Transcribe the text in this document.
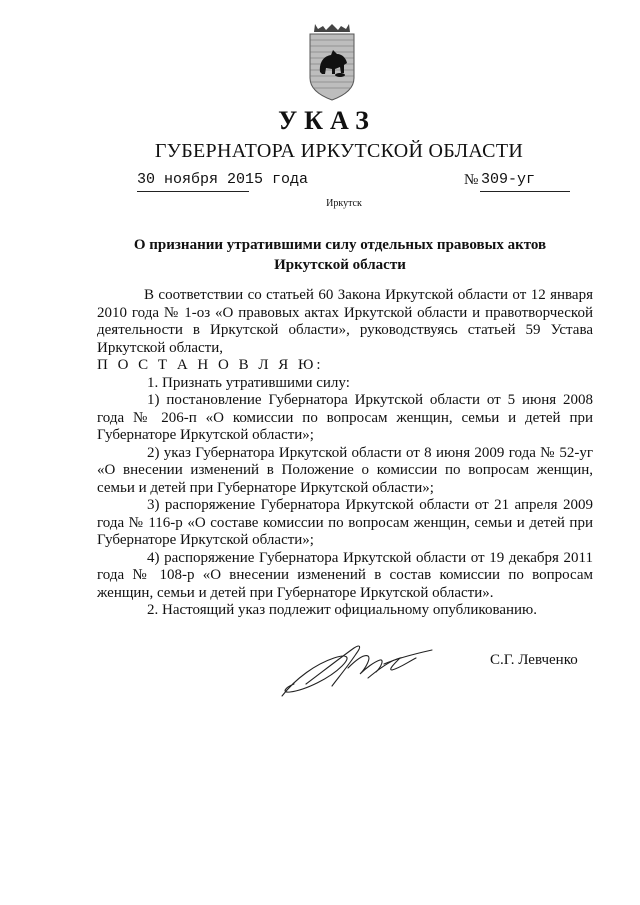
УКАЗ
ГУБЕРНАТОРА ИРКУТСКОЙ ОБЛАСТИ
30 ноября 2015 года	№ 309-уг
Иркутск
О признании утратившими силу отдельных правовых актов Иркутской области

В соответствии со статьей 60 Закона Иркутской области от 12 января 2010 года № 1-оз «О правовых актах Иркутской области и правотворческой деятельности в Иркутской области», руководствуясь статьей 59 Устава Иркутской области,

П О С Т А Н О В Л Я Ю:

1. Признать утратившими силу:

1) постановление Губернатора Иркутской области от 5 июня 2008 года № 206-п «О комиссии по вопросам женщин, семьи и детей при Губернаторе Иркутской области»;

2) указ Губернатора Иркутской области от 8 июня 2009 года № 52-уг «О внесении изменений в Положение о комиссии по вопросам женщин, семьи и детей при Губернаторе Иркутской области»;

3) распоряжение Губернатора Иркутской области от 21 апреля 2009 года № 116-р «О составе комиссии по вопросам женщин, семьи и детей при Губернаторе Иркутской области»;

4) распоряжение Губернатора Иркутской области от 19 декабря 2011 года № 108-р «О внесении изменений в состав комиссии по вопросам женщин, семьи и детей при Губернаторе Иркутской области».

2. Настоящий указ подлежит официальному опубликованию.

С.Г. Левченко
